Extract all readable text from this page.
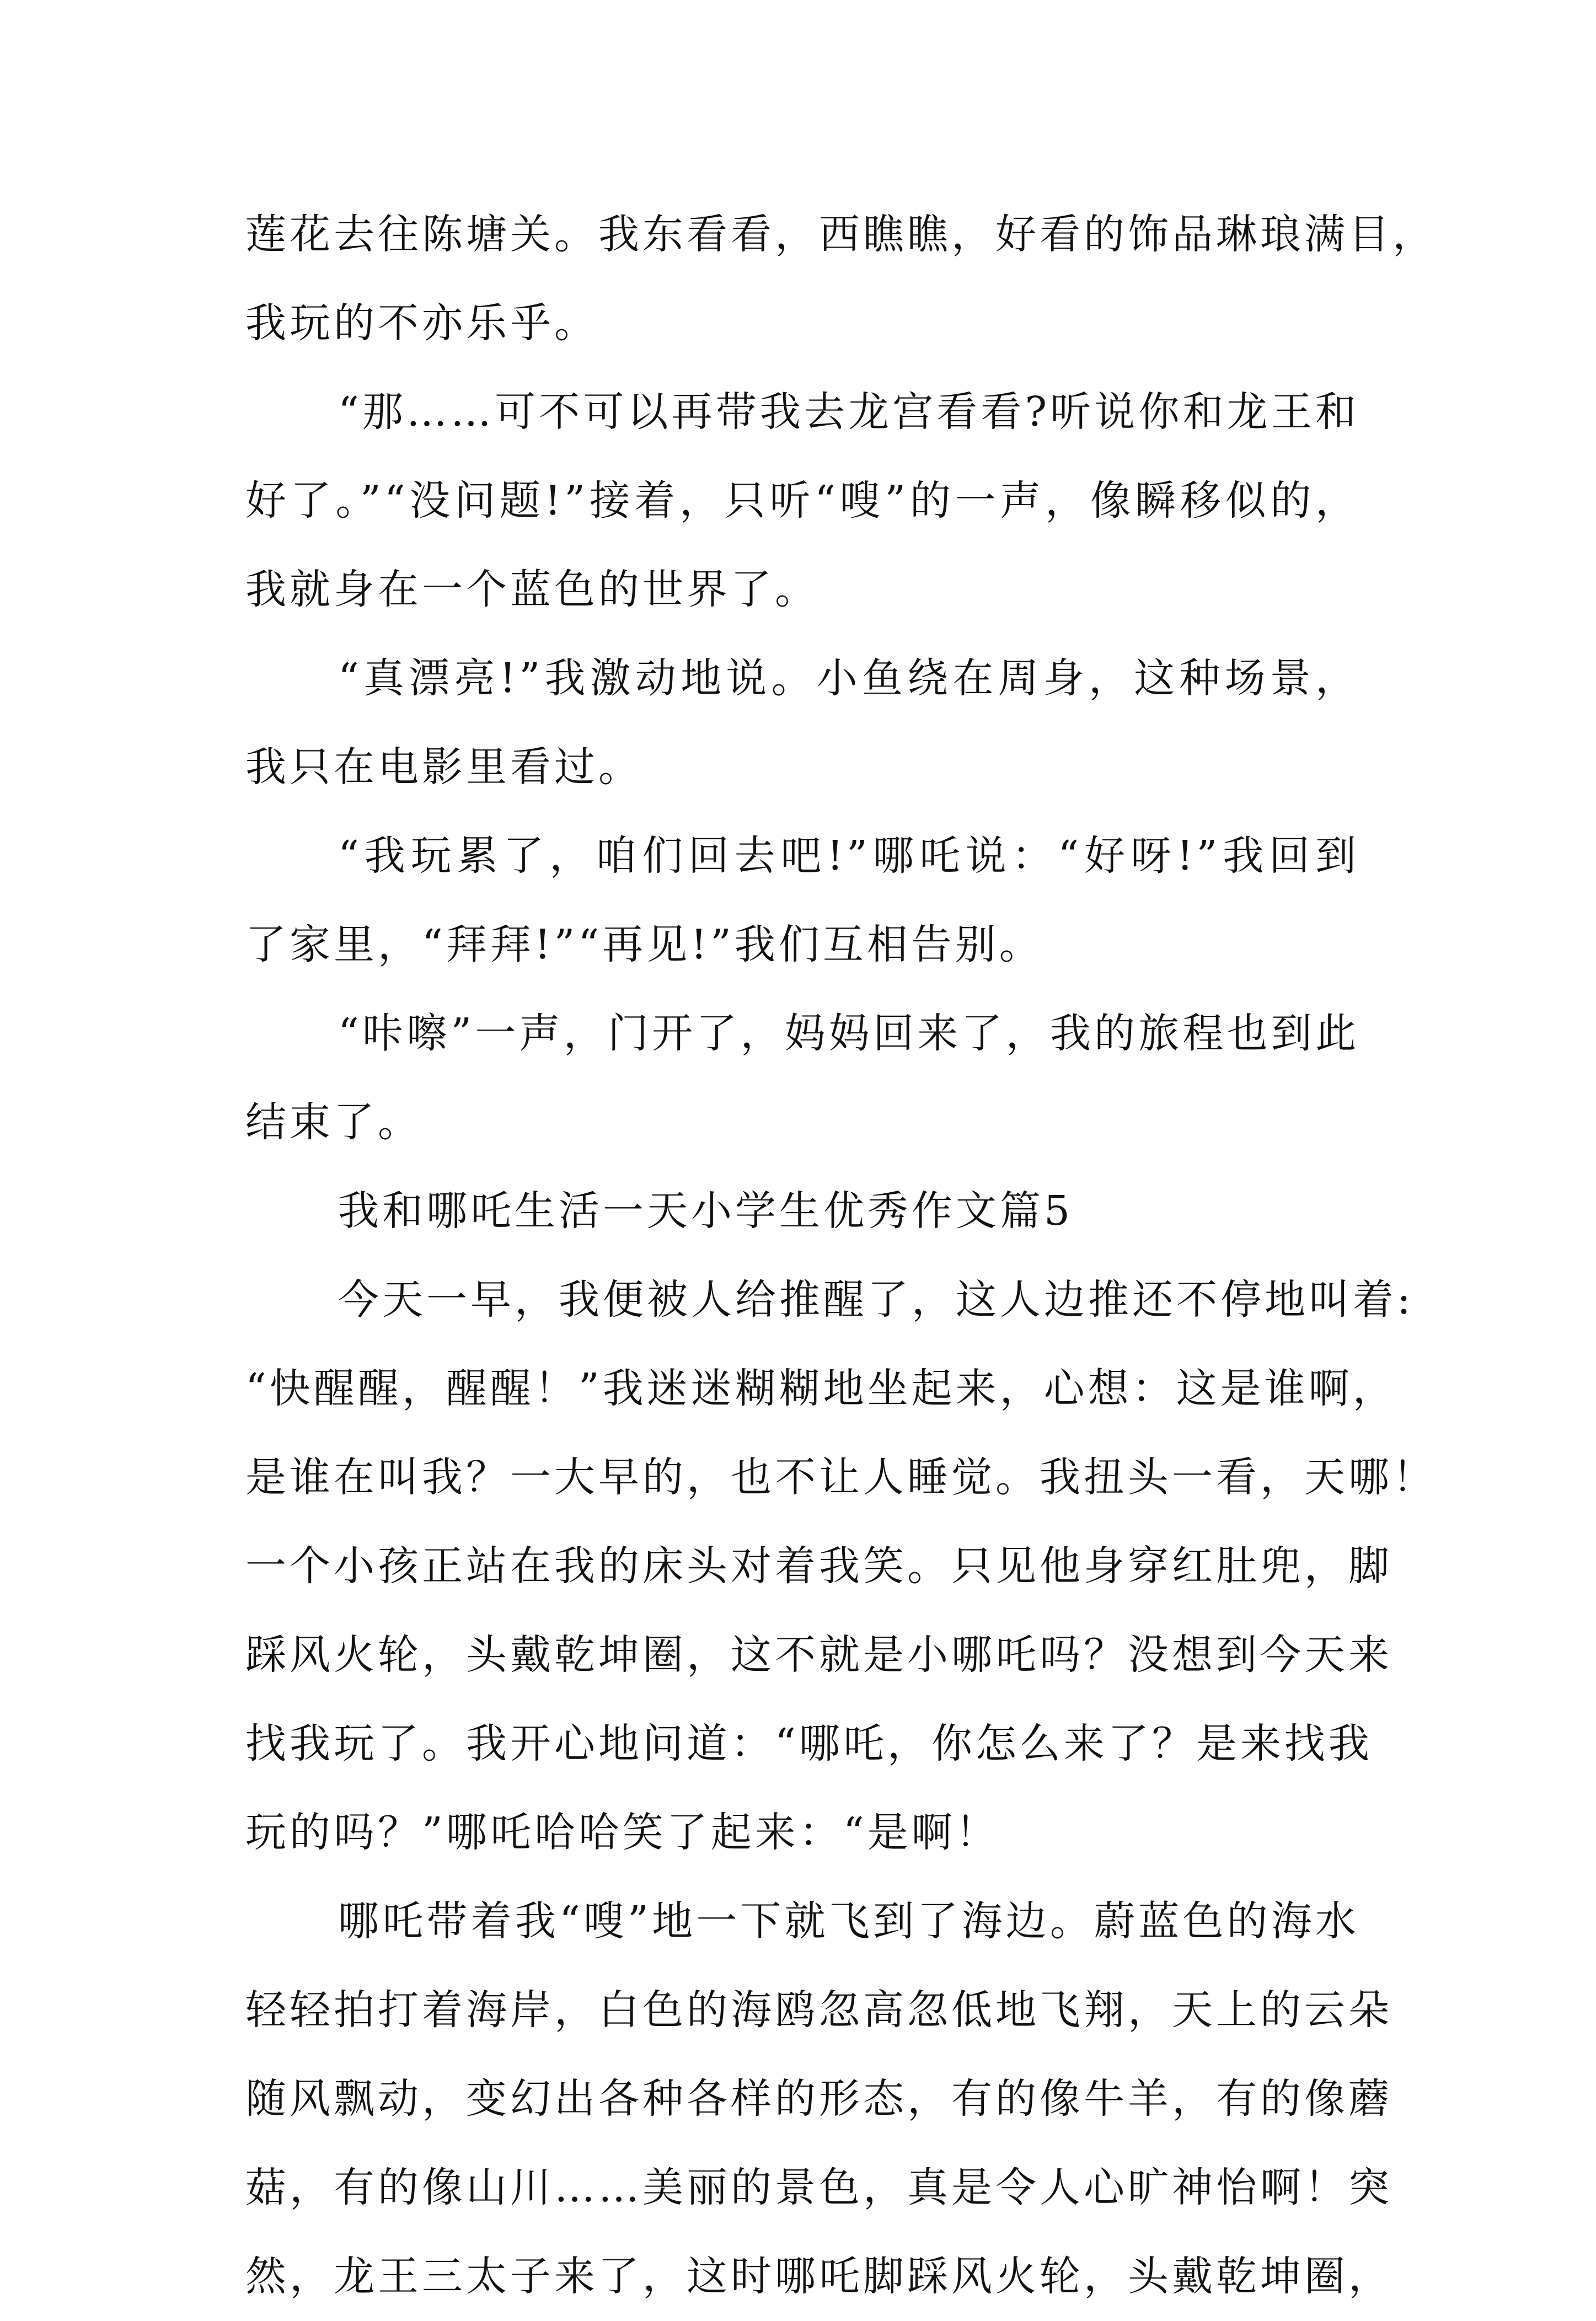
莲花去往陈塘关。我东看看，西瞧瞧，好看的饰品琳琅满目，
我玩的不亦乐乎。
“那……可不可以再带我去龙宫看看?听说你和龙王和
好了。”“没问题!”接着，只听“嗖”的一声，像瞬移似的，
我就身在一个蓝色的世界了。
“真漂亮!”我激动地说。小鱼绕在周身，这种场景，
我只在电影里看过。
“我玩累了，咱们回去吧!”哪吒说：“好呀!”我回到
了家里，“拜拜!”“再见!”我们互相告别。
“咔嚓”一声，门开了，妈妈回来了，我的旅程也到此
结束了。
我和哪吒生活一天小学生优秀作文篇5
今天一早，我便被人给推醒了，这人边推还不停地叫着:
“快醒醒，醒醒！”我迷迷糊糊地坐起来，心想：这是谁啊，
是谁在叫我？一大早的，也不让人睡觉。我扭头一看，天哪！
一个小孩正站在我的床头对着我笑。只见他身穿红肚兜，脚
踩风火轮，头戴乾坤圈，这不就是小哪吒吗？没想到今天来
找我玩了。我开心地问道：“哪吒，你怎么来了？是来找我
玩的吗？”哪吒哈哈笑了起来：“是啊！
哪吒带着我“嗖”地一下就飞到了海边。蔚蓝色的海水
轻轻拍打着海岸，白色的海鸥忽高忽低地飞翔，天上的云朵
随风飘动，变幻出各种各样的形态，有的像牛羊，有的像蘑
菇，有的像山川……美丽的景色，真是令人心旷神怡啊！突
然，龙王三太子来了，这时哪吒脚踩风火轮，头戴乾坤圈，
